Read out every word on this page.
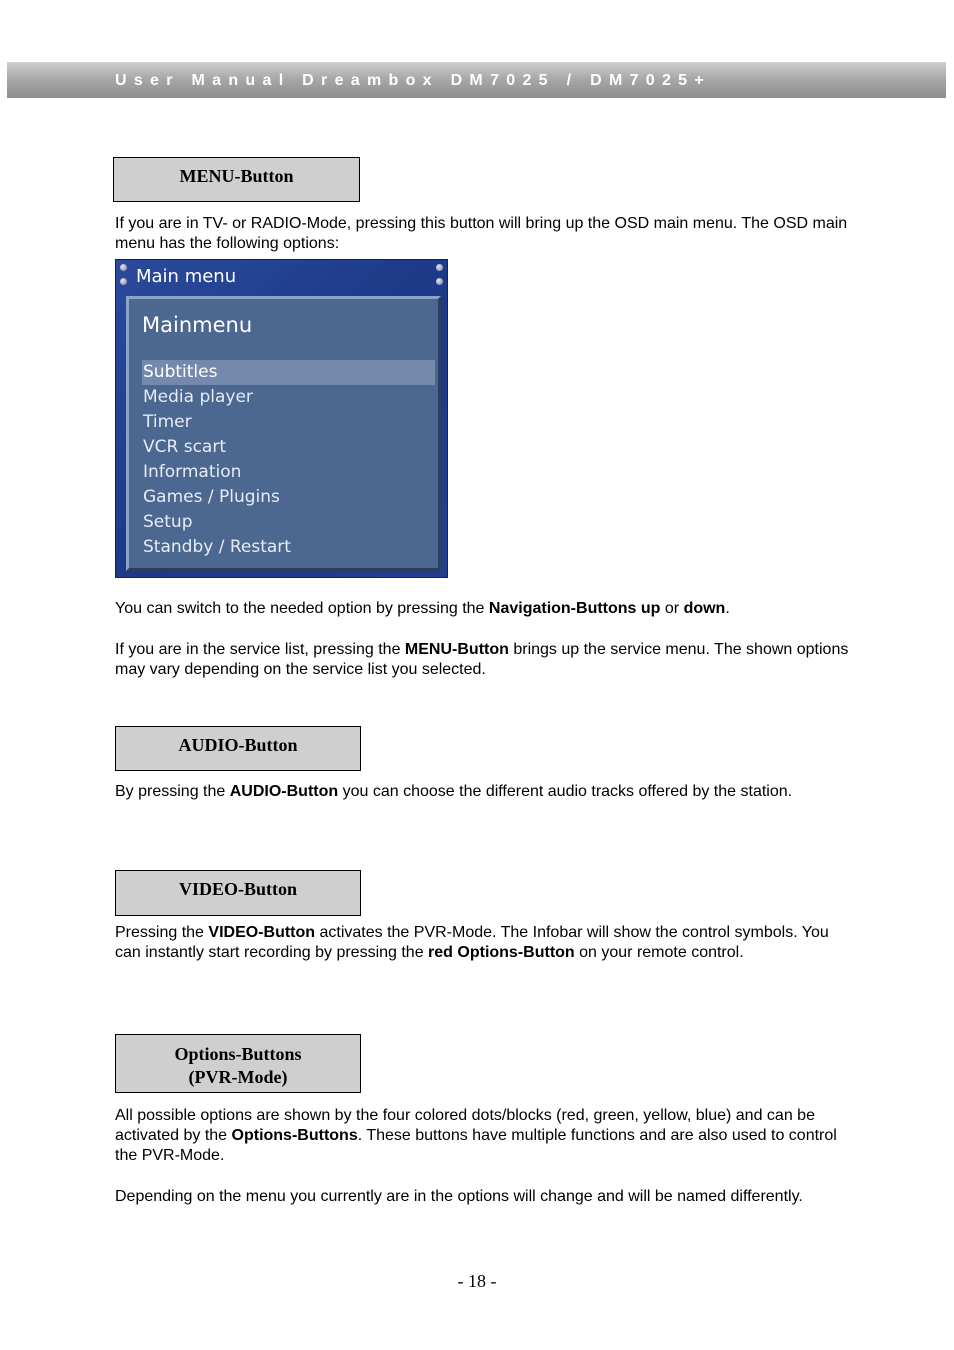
User Manual Dreambox DM7025 / DM7025+
MENU-Button
If you are in TV- or RADIO-Mode, pressing this button will bring up the OSD main menu. The OSD main menu has the following options:
Main menu
Mainmenu
Subtitles
Media player
Timer
VCR scart
Information
Games / Plugins
Setup
Standby / Restart
You can switch to the needed option by pressing the Navigation-Buttons up or down.
If you are in the service list, pressing the MENU-Button brings up the service menu. The shown options may vary depending on the service list you selected.
AUDIO-Button
By pressing the AUDIO-Button you can choose the different audio tracks offered by the station.
VIDEO-Button
Pressing the VIDEO-Button activates the PVR-Mode. The Infobar will show the control symbols. You can instantly start recording by pressing the red Options-Button on your remote control.
Options-Buttons
(PVR-Mode)
All possible options are shown by the four colored dots/blocks (red, green, yellow, blue) and can be activated by the Options-Buttons. These buttons have multiple functions and are also used to control the PVR-Mode.
Depending on the menu you currently are in the options will change and will be named differently.
- 18 -
